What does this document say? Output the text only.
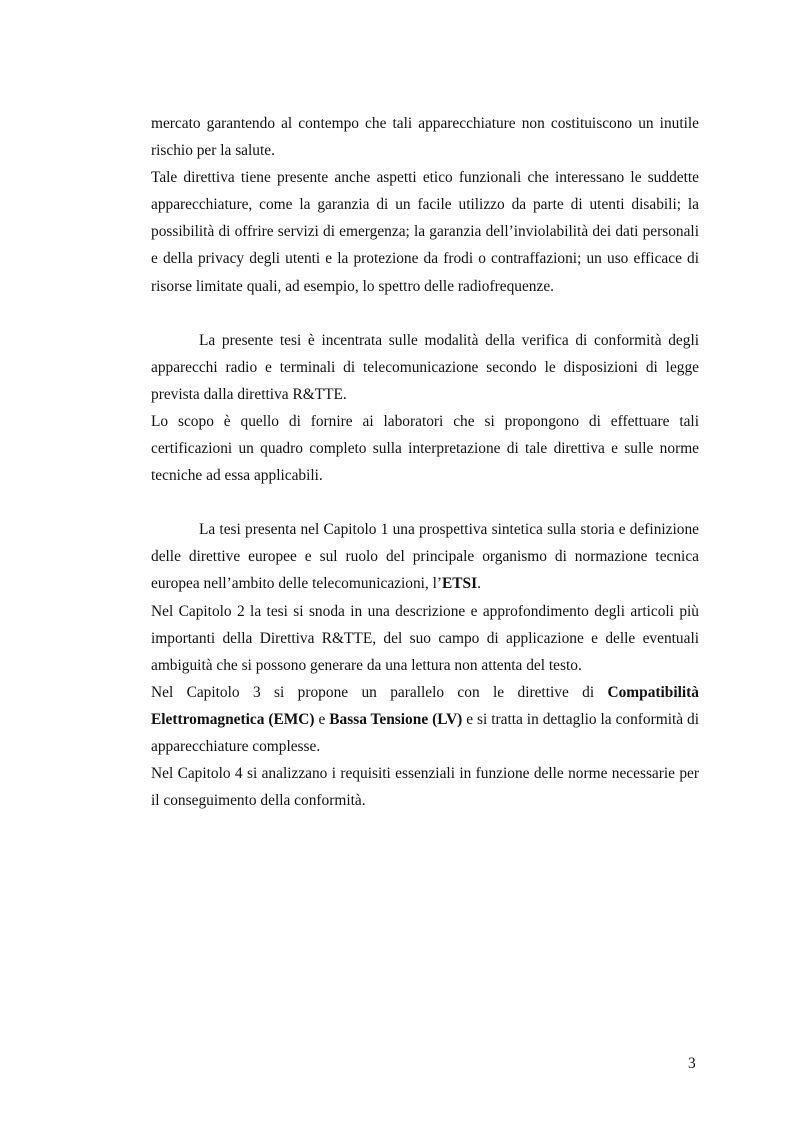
mercato garantendo al contempo che tali apparecchiature non costituiscono un inutile rischio per la salute.

Tale direttiva tiene presente anche aspetti etico funzionali che interessano le suddette apparecchiature, come la garanzia di un facile utilizzo da parte di utenti disabili; la possibilità di offrire servizi di emergenza; la garanzia dell’inviolabilità dei dati personali e della privacy degli utenti e la protezione da frodi o contraffazioni; un uso efficace di risorse limitate quali, ad esempio, lo spettro delle radiofrequenze.

La presente tesi è incentrata sulle modalità della verifica di conformità degli apparecchi radio e terminali di telecomunicazione secondo le disposizioni di legge prevista dalla direttiva R&TTE.

Lo scopo è quello di fornire ai laboratori che si propongono di effettuare tali certificazioni un quadro completo sulla interpretazione di tale direttiva e sulle norme tecniche ad essa applicabili.

La tesi presenta nel Capitolo 1 una prospettiva sintetica sulla storia e definizione delle direttive europee e sul ruolo del principale organismo di normazione tecnica europea nell’ambito delle telecomunicazioni, l’ETSI.

Nel Capitolo 2 la tesi si snoda in una descrizione e approfondimento degli articoli più importanti della Direttiva R&TTE, del suo campo di applicazione e delle eventuali ambiguità che si possono generare da una lettura non attenta del testo.

Nel Capitolo 3 si propone un parallelo con le direttive di Compatibilità Elettromagnetica (EMC) e Bassa Tensione (LV) e si tratta in dettaglio la conformità di apparecchiature complesse.

Nel Capitolo 4 si analizzano i requisiti essenziali in funzione delle norme necessarie per il conseguimento della conformità.

3
